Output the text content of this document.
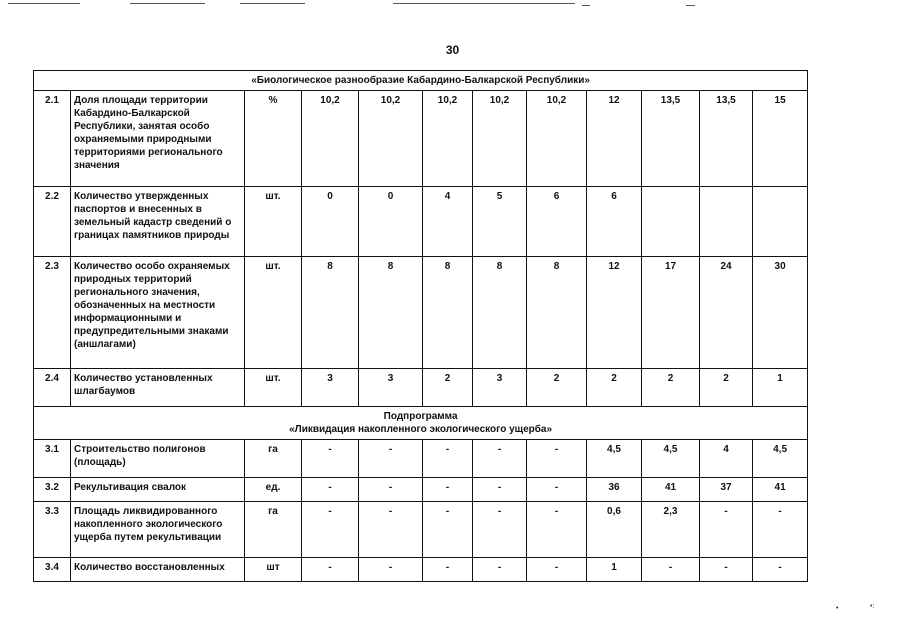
30
«Биологическое разнообразие Кабардино-Балкарской Республики»											
2.1	Доля площади территории Кабардино-Балкарской Республики, занятая особо охраняемыми природными территориями регионального значения	%	10,2	10,2	10,2	10,2	10,2	12	13,5	13,5	15
2.2	Количество утвержденных паспортов и внесенных в земельный кадастр сведений о границах памятников природы	шт.	0	0	4	5	6	6			
2.3	Количество особо охраняемых природных территорий регионального значения, обозначенных на местности информационными и предупредительными знаками (аншлагами)	шт.	8	8	8	8	8	12	17	24	30
2.4	Количество установленных шлагбаумов	шт.	3	3	2	3	2	2	2	2	1
Подпрограмма
«Ликвидация накопленного экологического ущерба»											
3.1	Строительство полигонов (площадь)	га	-	-	-	-	-	4,5	4,5	4	4,5
3.2	Рекультивация свалок	ед.	-	-	-	-	-	36	41	37	41
3.3	Площадь ликвидированного накопленного экологического ущерба путем рекультивации	га	-	-	-	-	-	0,6	2,3	-	-
3.4	Количество восстановленных	шт	-	-	-	-	-	1	-	-	-
•	•:
